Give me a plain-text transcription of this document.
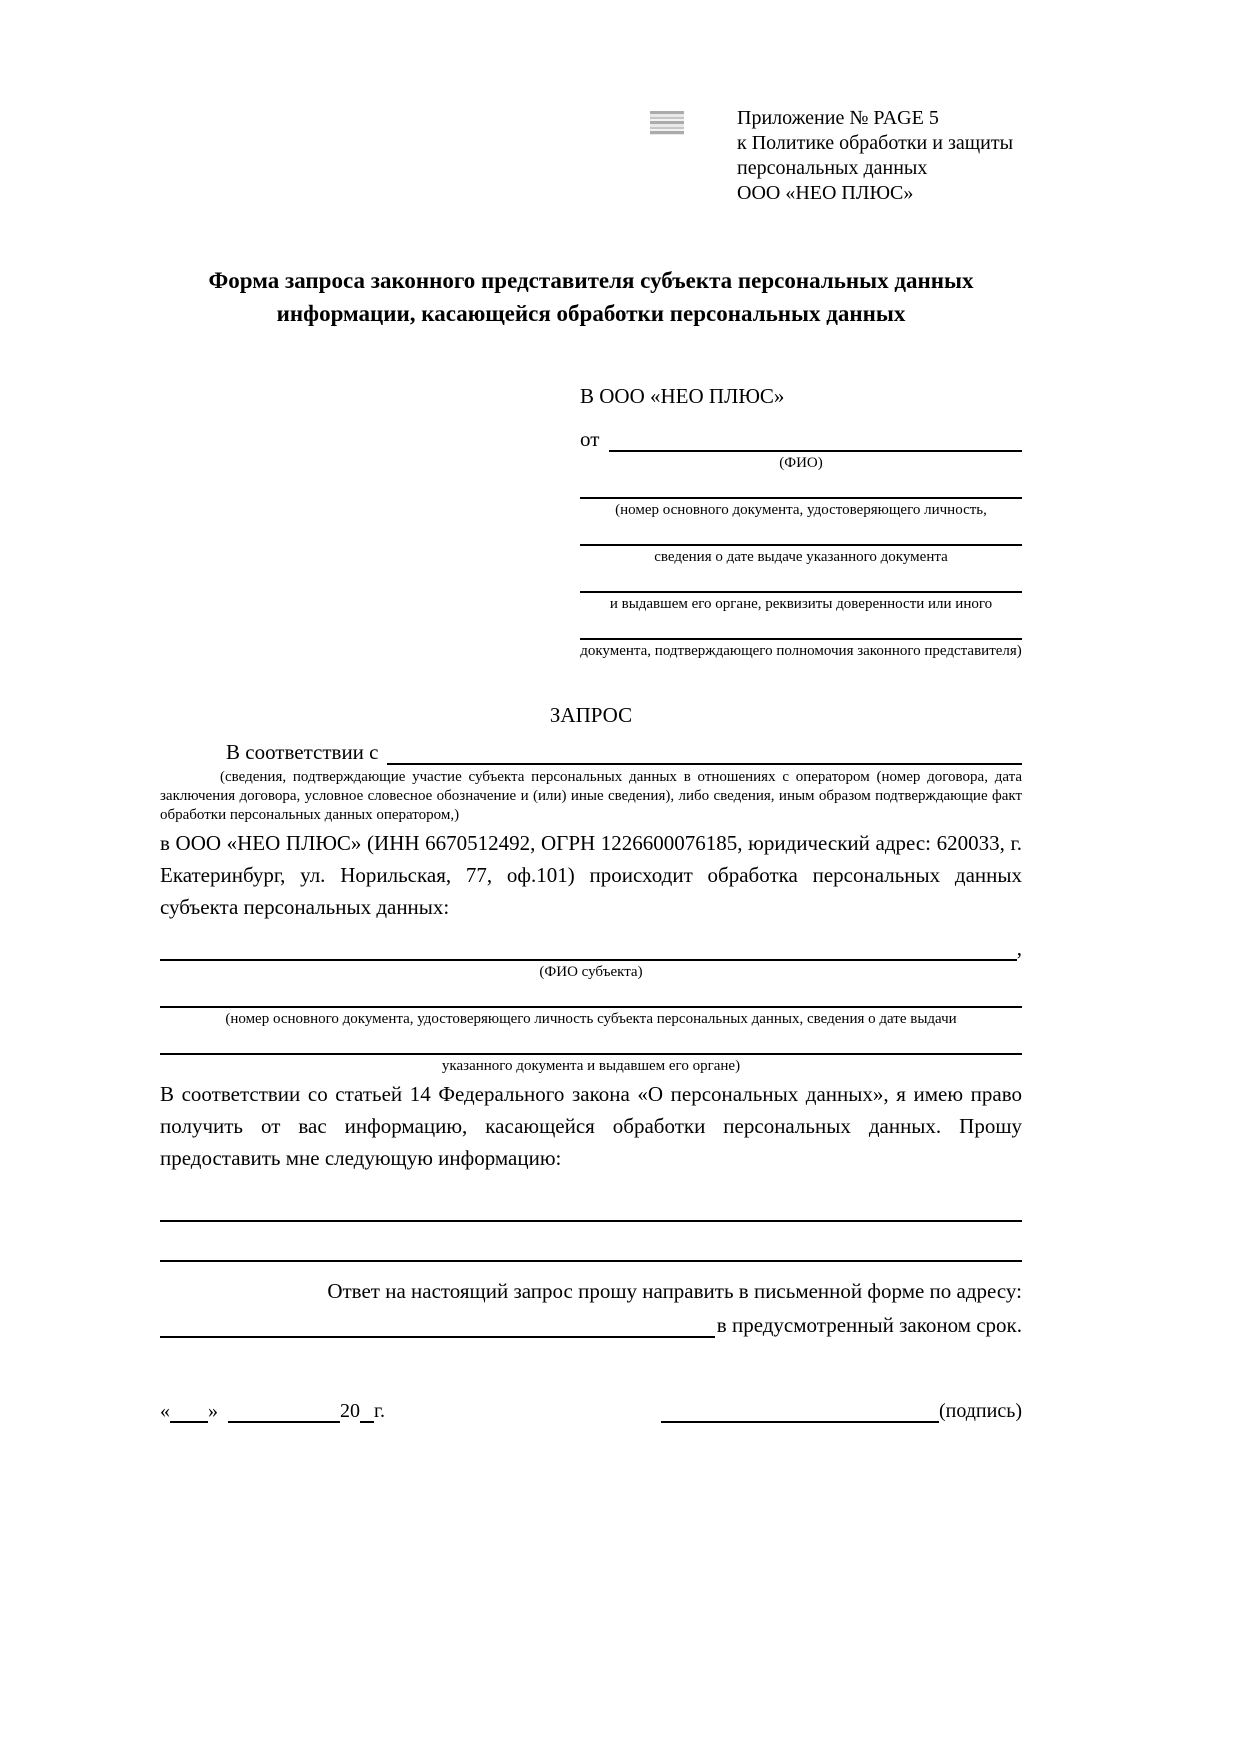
Приложение № PAGE 5
к Политике обработки и защиты
персональных данных
ООО «НЕО ПЛЮС»
Форма запроса законного представителя субъекта персональных данных
информации, касающейся обработки персональных данных
В ООО «НЕО ПЛЮС»
от
(ФИО)
(номер основного документа, удостоверяющего личность,
сведения о дате выдаче указанного документа
и выдавшем его органе, реквизиты доверенности или иного
документа, подтверждающего полномочия законного представителя)
ЗАПРОС
В соответствии с
(сведения, подтверждающие участие субъекта персональных данных в отношениях с оператором (номер договора, дата заключения договора, условное словесное обозначение и (или) иные сведения), либо сведения, иным образом подтверждающие факт обработки персональных данных оператором,)
в ООО «НЕО ПЛЮС» (ИНН 6670512492, ОГРН 1226600076185, юридический адрес: 620033, г. Екатеринбург, ул. Норильская, 77, оф.101) происходит обработка персональных данных субъекта персональных данных:
,
(ФИО субъекта)
(номер основного документа, удостоверяющего личность субъекта персональных данных, сведения о дате выдачи
указанного документа и выдавшем его органе)
В соответствии со статьей 14 Федерального закона «О персональных данных», я имею право получить от вас информацию, касающейся обработки персональных данных. Прошу предоставить мне следующую информацию:
Ответ на настоящий запрос прошу направить в письменной форме по адресу:
в предусмотренный законом срок.
« »	20 г.	(подпись)
